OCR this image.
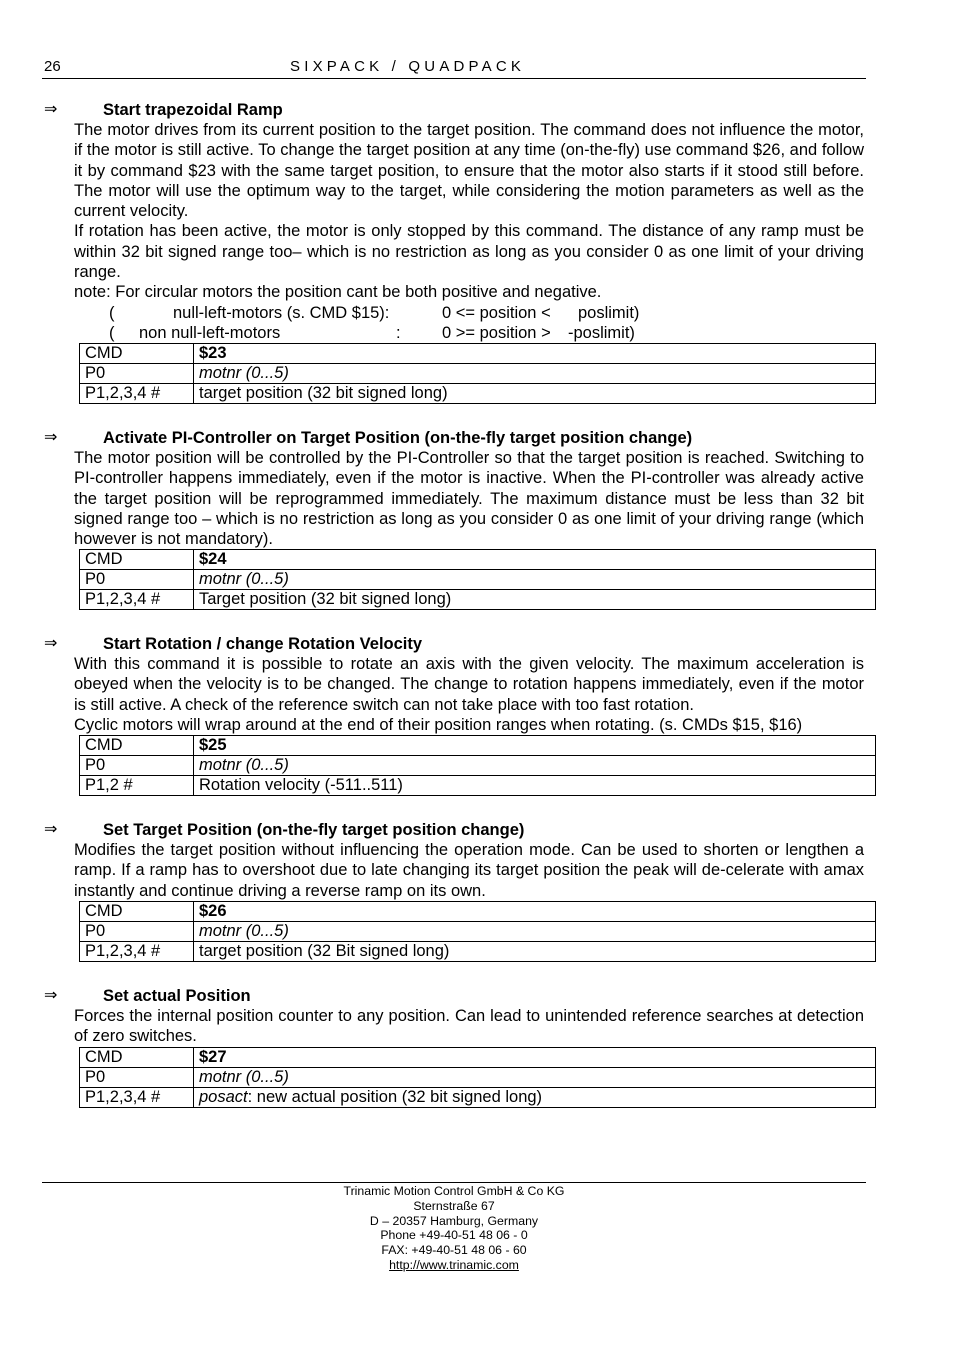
26	SIXPACK / QUADPACK
⇒	Start trapezoidal Ramp
The motor drives from its current position to the target position. The command does not influence the motor, if the motor is still active. To change the target position at any time (on-the-fly) use command $26, and follow it by command $23 with the same target position, to ensure that the motor also starts if it stood still before. The motor will use the optimum way to the target, while considering the motion parameters as well as the current velocity.
If rotation has been active, the motor is only stopped by this command. The distance of any ramp must be within 32 bit signed range too– which is no restriction as long as you consider 0 as one limit of your driving range.
note: For circular motors the position cant be both positive and negative.
(	null-left-motors (s. CMD $15):	0 <= position < poslimit)
( non null-left-motors	:	0 >= position > -poslimit)
CMD	$23
P0	motnr (0...5)
P1,2,3,4 #	target position (32 bit signed long)
⇒	Activate PI-Controller on Target Position (on-the-fly target position change)
The motor position will be controlled by the PI-Controller so that the target position is reached. Switching to PI-controller happens immediately, even if the motor is inactive. When the PI-controller was already active the target position will be reprogrammed immediately. The maximum distance must be less than 32 bit signed range too – which is no restriction as long as you consider 0 as one limit of your driving range (which however is not mandatory).
CMD	$24
P0	motnr (0...5)
P1,2,3,4 #	Target position (32 bit signed long)
⇒	Start Rotation / change Rotation Velocity
With this command it is possible to rotate an axis with the given velocity. The maximum acceleration is obeyed when the velocity is to be changed. The change to rotation happens immediately, even if the motor is still active. A check of the reference switch can not take place with too fast rotation.
Cyclic motors will wrap around at the end of their position ranges when rotating. (s. CMDs $15, $16)
CMD	$25
P0	motnr (0...5)
P1,2 #	Rotation velocity (-511..511)
⇒	Set Target Position (on-the-fly target position change)
Modifies the target position without influencing the operation mode. Can be used to shorten or lengthen a ramp. If a ramp has to overshoot due to late changing its target position the peak will de-celerate with amax instantly and continue driving a reverse ramp on its own.
CMD	$26
P0	motnr (0...5)
P1,2,3,4 #	target position (32 Bit signed long)
⇒	Set actual Position
Forces the internal position counter to any position. Can lead to unintended reference searches at detection of zero switches.
CMD	$27
P0	motnr (0...5)
P1,2,3,4 #	posact: new actual position (32 bit signed long)
Trinamic Motion Control GmbH & Co KG
Sternstraße 67
D – 20357 Hamburg, Germany
Phone +49-40-51 48 06 - 0
FAX: +49-40-51 48 06 - 60
http://www.trinamic.com
